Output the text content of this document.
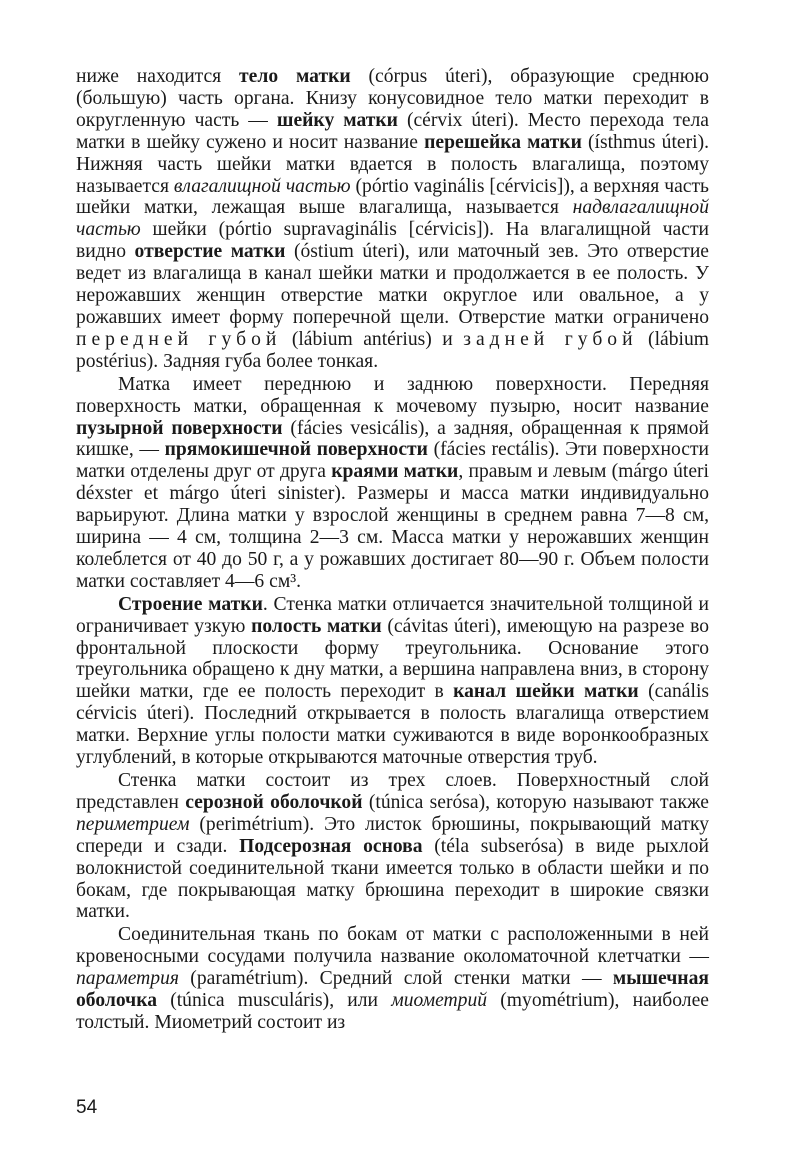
ниже находится тело матки (córpus úteri), образующие среднюю (большую) часть органа. Книзу конусовидное тело матки переходит в округленную часть — шейку матки (cérvix úteri). Место перехода тела матки в шейку сужено и носит название перешейка матки (ísthmus úteri). Нижняя часть шейки матки вдается в полость влагалища, поэтому называется влагалищной частью (pórtio vaginális [cérvicis]), а верхняя часть шейки матки, лежащая выше влагалища, называется надвлагалищной частью шейки (pórtio supravaginális [cérvicis]). На влагалищной части видно отверстие матки (óstium úteri), или маточный зев. Это отверстие ведет из влагалища в канал шейки матки и продолжается в ее полость. У нерожавших женщин отверстие матки округлое или овальное, а у рожавших имеет форму поперечной щели. Отверстие матки ограничено передней губой (lábium antérius) и задней губой (lábium postérius). Задняя губа более тонкая.

Матка имеет переднюю и заднюю поверхности. Передняя поверхность матки, обращенная к мочевому пузырю, носит название пузырной поверхности (fácies vesicális), а задняя, обращенная к прямой кишке, — прямокишечной поверхности (fácies rectális). Эти поверхности матки отделены друг от друга краями матки, правым и левым (márgo úteri déxster et márgo úteri sinister). Размеры и масса матки индивидуально варьируют. Длина матки у взрослой женщины в среднем равна 7—8 см, ширина — 4 см, толщина 2—3 см. Масса матки у нерожавших женщин колеблется от 40 до 50 г, а у рожавших достигает 80—90 г. Объем полости матки составляет 4—6 см³.

Строение матки. Стенка матки отличается значительной толщиной и ограничивает узкую полость матки (cávitas úteri), имеющую на разрезе во фронтальной плоскости форму треугольника. Основание этого треугольника обращено к дну матки, а вершина направлена вниз, в сторону шейки матки, где ее полость переходит в канал шейки матки (canális cérvicis úteri). Последний открывается в полость влагалища отверстием матки. Верхние углы полости матки суживаются в виде воронкообразных углублений, в которые открываются маточные отверстия труб.

Стенка матки состоит из трех слоев. Поверхностный слой представлен серозной оболочкой (túnica serósa), которую называют также периметрием (perimétrium). Это листок брюшины, покрывающий матку спереди и сзади. Подсерозная основа (téla subserósa) в виде рыхлой волокнистой соединительной ткани имеется только в области шейки и по бокам, где покрывающая матку брюшина переходит в широкие связки матки.

Соединительная ткань по бокам от матки с расположенными в ней кровеносными сосудами получила название околоматочной клетчатки — параметрия (paramétrium). Средний слой стенки матки — мышечная оболочка (túnica musculáris), или миометрий (myométrium), наиболее толстый. Миометрий состоит из

54
